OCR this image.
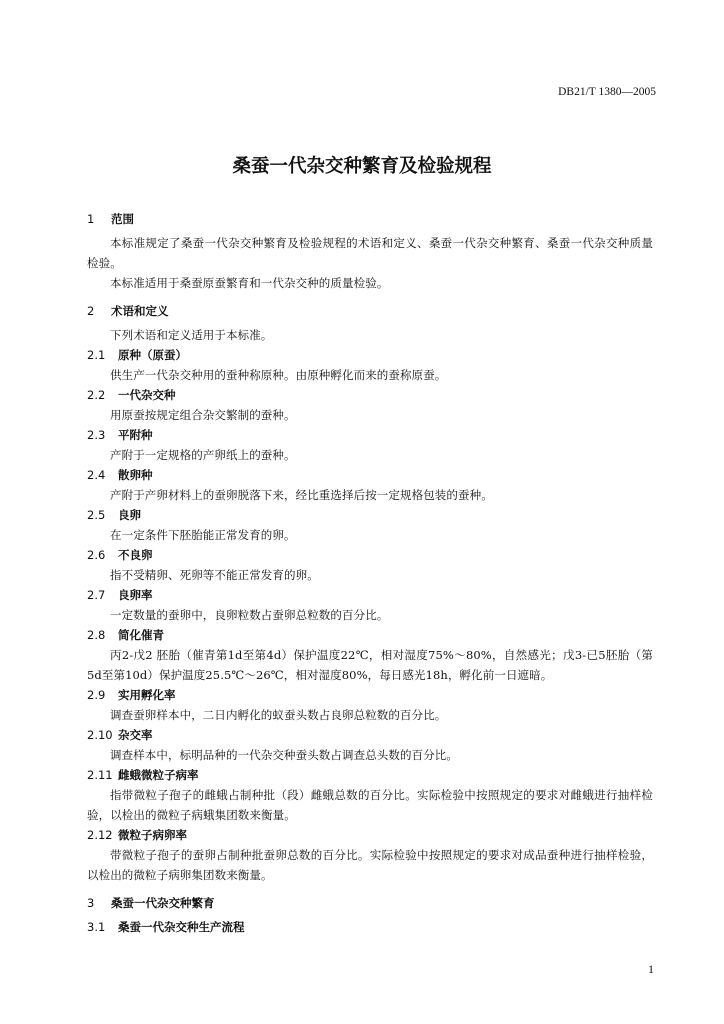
DB21/T 1380—2005
桑蚕一代杂交种繁育及检验规程
1 范围
本标准规定了桑蚕一代杂交种繁育及检验规程的术语和定义、桑蚕一代杂交种繁育、桑蚕一代杂交种质量检验。
本标准适用于桑蚕原蚕繁育和一代杂交种的质量检验。
2 术语和定义
下列术语和定义适用于本标准。
2.1 原种（原蚕）
供生产一代杂交种用的蚕种称原种。由原种孵化而来的蚕称原蚕。
2.2 一代杂交种
用原蚕按规定组合杂交繁制的蚕种。
2.3 平附种
产附于一定规格的产卵纸上的蚕种。
2.4 散卵种
产附于产卵材料上的蚕卵脱落下来，经比重选择后按一定规格包装的蚕种。
2.5 良卵
在一定条件下胚胎能正常发育的卵。
2.6 不良卵
指不受精卵、死卵等不能正常发育的卵。
2.7 良卵率
一定数量的蚕卵中，良卵粒数占蚕卵总粒数的百分比。
2.8 简化催青
丙2-戊2 胚胎（催青第1d至第4d）保护温度22℃，相对湿度75%～80%，自然感光；戊3-已5胚胎（第5d至第10d）保护温度25.5℃～26℃，相对湿度80%，每日感光18h，孵化前一日遮暗。
2.9 实用孵化率
调查蚕卵样本中，二日内孵化的蚁蚕头数占良卵总粒数的百分比。
2.10 杂交率
调查样本中，标明品种的一代杂交种蚕头数占调查总头数的百分比。
2.11 雌蛾微粒子病率
指带微粒子孢子的雌蛾占制种批（段）雌蛾总数的百分比。实际检验中按照规定的要求对雌蛾进行抽样检验，以检出的微粒子病蛾集团数来衡量。
2.12 微粒子病卵率
带微粒子孢子的蚕卵占制种批蚕卵总数的百分比。实际检验中按照规定的要求对成品蚕种进行抽样检验，以检出的微粒子病卵集团数来衡量。
3 桑蚕一代杂交种繁育
3.1 桑蚕一代杂交种生产流程
1
